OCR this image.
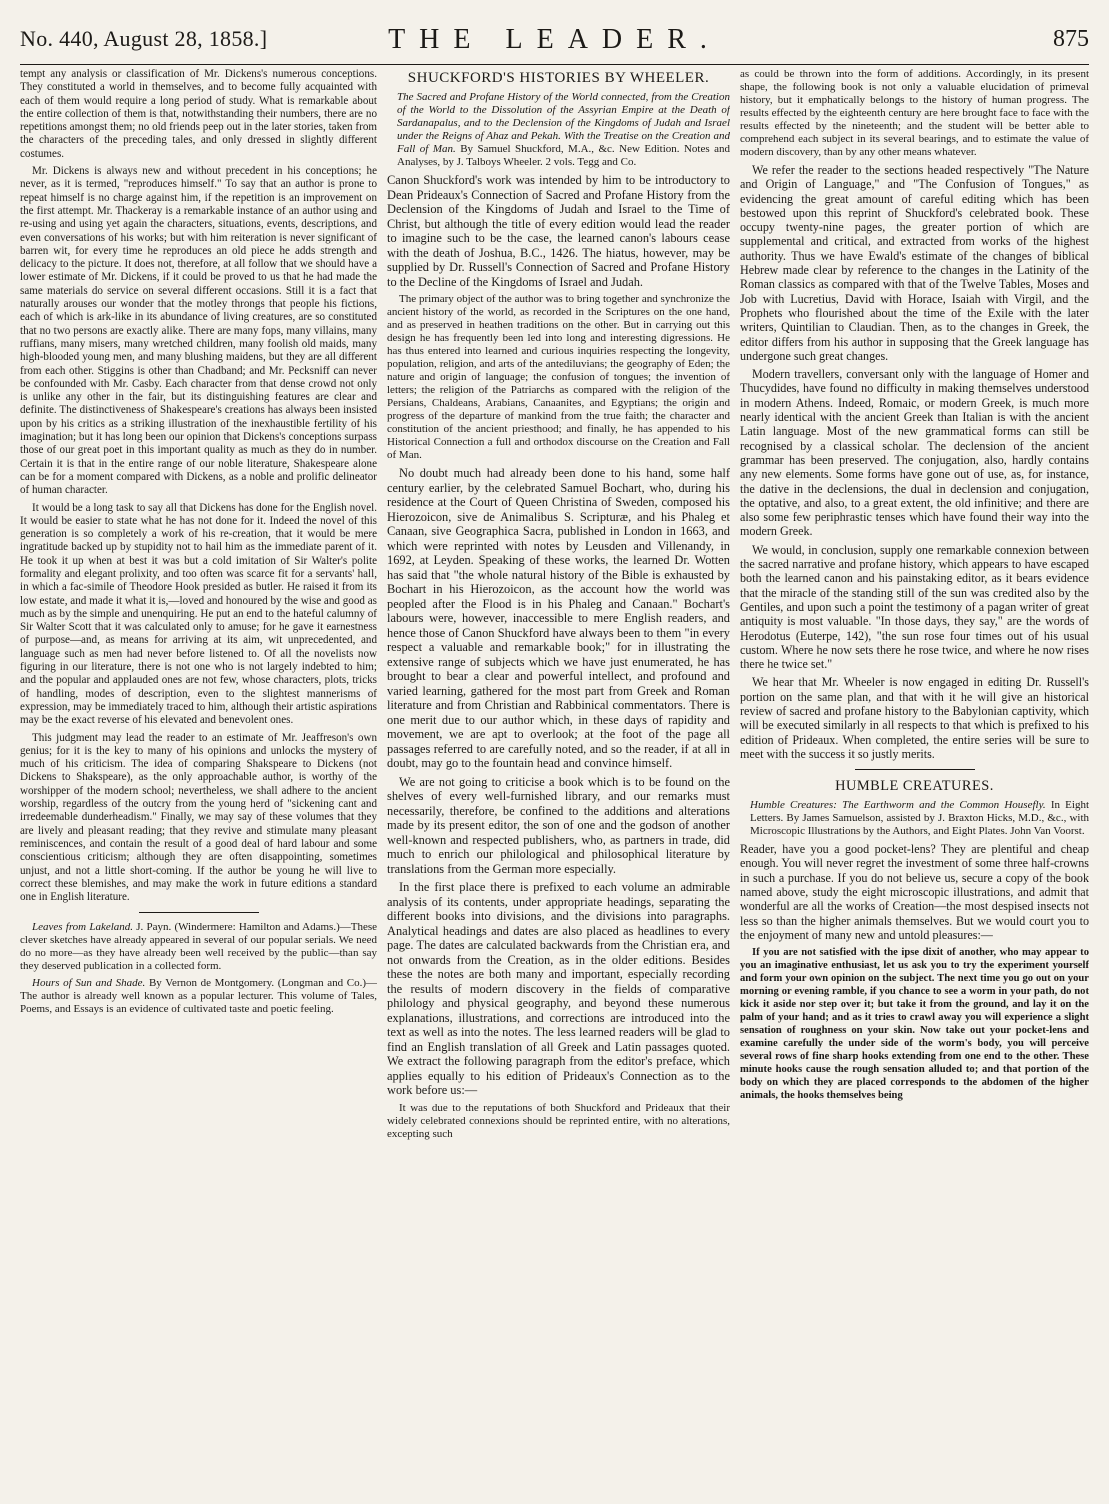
No. 440, August 28, 1858.]	THE LEADER.	875

tempt any analysis or classification of Mr. Dickens's numerous conceptions. They constituted a world in themselves, and to become fully acquainted with each of them would require a long period of study. What is remarkable about the entire collection of them is that, notwithstanding their numbers, there are no repetitions amongst them; no old friends peep out in the later stories, taken from the characters of the preceding tales, and only dressed in slightly different costumes.

Mr. Dickens is always new and without precedent in his conceptions; he never, as it is termed, "reproduces himself." To say that an author is prone to repeat himself is no charge against him, if the repetition is an improvement on the first attempt. Mr. Thackeray is a remarkable instance of an author using and re-using and using yet again the characters, situations, events, descriptions, and even conversations of his works; but with him reiteration is never significant of barren wit, for every time he reproduces an old piece he adds strength and delicacy to the picture. It does not, therefore, at all follow that we should have a lower estimate of Mr. Dickens, if it could be proved to us that he had made the same materials do service on several different occasions. Still it is a fact that naturally arouses our wonder that the motley throngs that people his fictions, each of which is ark-like in its abundance of living creatures, are so constituted that no two persons are exactly alike. There are many fops, many villains, many ruffians, many misers, many wretched children, many foolish old maids, many high-blooded young men, and many blushing maidens, but they are all different from each other. Stiggins is other than Chadband; and Mr. Pecksniff can never be confounded with Mr. Casby. Each character from that dense crowd not only is unlike any other in the fair, but its distinguishing features are clear and definite. The distinctiveness of Shakespeare's creations has always been insisted upon by his critics as a striking illustration of the inexhaustible fertility of his imagination; but it has long been our opinion that Dickens's conceptions surpass those of our great poet in this important quality as much as they do in number. Certain it is that in the entire range of our noble literature, Shakespeare alone can be for a moment compared with Dickens, as a noble and prolific delineator of human character.

It would be a long task to say all that Dickens has done for the English novel. It would be easier to state what he has not done for it. Indeed the novel of this generation is so completely a work of his re-creation, that it would be mere ingratitude backed up by stupidity not to hail him as the immediate parent of it. He took it up when at best it was but a cold imitation of Sir Walter's polite formality and elegant prolixity, and too often was scarce fit for a servants' hall, in which a fac-simile of Theodore Hook presided as butler. He raised it from its low estate, and made it what it is,—loved and honoured by the wise and good as much as by the simple and unenquiring. He put an end to the hateful calumny of Sir Walter Scott that it was calculated only to amuse; for he gave it earnestness of purpose—and, as means for arriving at its aim, wit unprecedented, and language such as men had never before listened to. Of all the novelists now figuring in our literature, there is not one who is not largely indebted to him; and the popular and applauded ones are not few, whose characters, plots, tricks of handling, modes of description, even to the slightest mannerisms of expression, may be immediately traced to him, although their artistic aspirations may be the exact reverse of his elevated and benevolent ones.

This judgment may lead the reader to an estimate of Mr. Jeaffreson's own genius; for it is the key to many of his opinions and unlocks the mystery of much of his criticism. The idea of comparing Shakspeare to Dickens (not Dickens to Shakspeare), as the only approachable author, is worthy of the worshipper of the modern school; nevertheless, we shall adhere to the ancient worship, regardless of the outcry from the young herd of "sickening cant and irredeemable dunderheadism." Finally, we may say of these volumes that they are lively and pleasant reading; that they revive and stimulate many pleasant reminiscences, and contain the result of a good deal of hard labour and some conscientious criticism; although they are often disappointing, sometimes unjust, and not a little short-coming. If the author be young he will live to correct these blemishes, and may make the work in future editions a standard one in English literature.

Leaves from Lakeland. J. Payn. (Windermere: Hamilton and Adams.)—These clever sketches have already appeared in several of our popular serials. We need do no more—as they have already been well received by the public—than say they deserved publication in a collected form.

Hours of Sun and Shade. By Vernon de Montgomery. (Longman and Co.)—The author is already well known as a popular lecturer. This volume of Tales, Poems, and Essays is an evidence of cultivated taste and poetic feeling.

SHUCKFORD'S HISTORIES BY WHEELER.

The Sacred and Profane History of the World connected, from the Creation of the World to the Dissolution of the Assyrian Empire at the Death of Sardanapalus, and to the Declension of the Kingdoms of Judah and Israel under the Reigns of Ahaz and Pekah. With the Treatise on the Creation and Fall of Man. By Samuel Shuckford, M.A., &c. New Edition. Notes and Analyses, by J. Talboys Wheeler. 2 vols. Tegg and Co.

Canon Shuckford's work was intended by him to be introductory to Dean Prideaux's Connection of Sacred and Profane History from the Declension of the Kingdoms of Judah and Israel to the Time of Christ, but although the title of every edition would lead the reader to imagine such to be the case, the learned canon's labours cease with the death of Joshua, B.C., 1426. The hiatus, however, may be supplied by Dr. Russell's Connection of Sacred and Profane History to the Decline of the Kingdoms of Israel and Judah.

The primary object of the author was to bring together and synchronize the ancient history of the world, as recorded in the Scriptures on the one hand, and as preserved in heathen traditions on the other. But in carrying out this design he has frequently been led into long and interesting digressions. He has thus entered into learned and curious inquiries respecting the longevity, population, religion, and arts of the antediluvians; the geography of Eden; the nature and origin of language; the confusion of tongues; the invention of letters; the religion of the Patriarchs as compared with the religion of the Persians, Chaldeans, Arabians, Canaanites, and Egyptians; the origin and progress of the departure of mankind from the true faith; the character and constitution of the ancient priesthood; and finally, he has appended to his Historical Connection a full and orthodox discourse on the Creation and Fall of Man.

No doubt much had already been done to his hand, some half century earlier, by the celebrated Samuel Bochart, who, during his residence at the Court of Queen Christina of Sweden, composed his Hierozoicon, sive de Animalibus S. Scripturæ, and his Phaleg et Canaan, sive Geographica Sacra, published in London in 1663, and which were reprinted with notes by Leusden and Villenandy, in 1692, at Leyden. Speaking of these works, the learned Dr. Wotten has said that "the whole natural history of the Bible is exhausted by Bochart in his Hierozoicon, as the account how the world was peopled after the Flood is in his Phaleg and Canaan." Bochart's labours were, however, inaccessible to mere English readers, and hence those of Canon Shuckford have always been to them "in every respect a valuable and remarkable book;" for in illustrating the extensive range of subjects which we have just enumerated, he has brought to bear a clear and powerful intellect, and profound and varied learning, gathered for the most part from Greek and Roman literature and from Christian and Rabbinical commentators. There is one merit due to our author which, in these days of rapidity and movement, we are apt to overlook; at the foot of the page all passages referred to are carefully noted, and so the reader, if at all in doubt, may go to the fountain head and convince himself.

We are not going to criticise a book which is to be found on the shelves of every well-furnished library, and our remarks must necessarily, therefore, be confined to the additions and alterations made by its present editor, the son of one and the godson of another well-known and respected publishers, who, as partners in trade, did much to enrich our philological and philosophical literature by translations from the German more especially.

In the first place there is prefixed to each volume an admirable analysis of its contents, under appropriate headings, separating the different books into divisions, and the divisions into paragraphs. Analytical headings and dates are also placed as headlines to every page. The dates are calculated backwards from the Christian era, and not onwards from the Creation, as in the older editions. Besides these the notes are both many and important, especially recording the results of modern discovery in the fields of comparative philology and physical geography, and beyond these numerous explanations, illustrations, and corrections are introduced into the text as well as into the notes. The less learned readers will be glad to find an English translation of all Greek and Latin passages quoted. We extract the following paragraph from the editor's preface, which applies equally to his edition of Prideaux's Connection as to the work before us:—

It was due to the reputations of both Shuckford and Prideaux that their widely celebrated connexions should be reprinted entire, with no alterations, excepting such

as could be thrown into the form of additions. Accordingly, in its present shape, the following book is not only a valuable elucidation of primeval history, but it emphatically belongs to the history of human progress. The results effected by the eighteenth century are here brought face to face with the results effected by the nineteenth; and the student will be better able to comprehend each subject in its several bearings, and to estimate the value of modern discovery, than by any other means whatever.

We refer the reader to the sections headed respectively "The Nature and Origin of Language," and "The Confusion of Tongues," as evidencing the great amount of careful editing which has been bestowed upon this reprint of Shuckford's celebrated book. These occupy twenty-nine pages, the greater portion of which are supplemental and critical, and extracted from works of the highest authority. Thus we have Ewald's estimate of the changes of biblical Hebrew made clear by reference to the changes in the Latinity of the Roman classics as compared with that of the Twelve Tables, Moses and Job with Lucretius, David with Horace, Isaiah with Virgil, and the Prophets who flourished about the time of the Exile with the later writers, Quintilian to Claudian. Then, as to the changes in Greek, the editor differs from his author in supposing that the Greek language has undergone such great changes.

Modern travellers, conversant only with the language of Homer and Thucydides, have found no difficulty in making themselves understood in modern Athens. Indeed, Romaic, or modern Greek, is much more nearly identical with the ancient Greek than Italian is with the ancient Latin language. Most of the new grammatical forms can still be recognised by a classical scholar. The declension of the ancient grammar has been preserved. The conjugation, also, hardly contains any new elements. Some forms have gone out of use, as, for instance, the dative in the declensions, the dual in declension and conjugation, the optative, and also, to a great extent, the old infinitive; and there are also some few periphrastic tenses which have found their way into the modern Greek.

We would, in conclusion, supply one remarkable connexion between the sacred narrative and profane history, which appears to have escaped both the learned canon and his painstaking editor, as it bears evidence that the miracle of the standing still of the sun was credited also by the Gentiles, and upon such a point the testimony of a pagan writer of great antiquity is most valuable. "In those days, they say," are the words of Herodotus (Euterpe, 142), "the sun rose four times out of his usual custom. Where he now sets there he rose twice, and where he now rises there he twice set."

We hear that Mr. Wheeler is now engaged in editing Dr. Russell's portion on the same plan, and that with it he will give an historical review of sacred and profane history to the Babylonian captivity, which will be executed similarly in all respects to that which is prefixed to his edition of Prideaux. When completed, the entire series will be sure to meet with the success it so justly merits.

HUMBLE CREATURES.

Humble Creatures: The Earthworm and the Common Housefly. In Eight Letters. By James Samuelson, assisted by J. Braxton Hicks, M.D., &c., with Microscopic Illustrations by the Authors, and Eight Plates. John Van Voorst.

Reader, have you a good pocket-lens? They are plentiful and cheap enough. You will never regret the investment of some three half-crowns in such a purchase. If you do not believe us, secure a copy of the book named above, study the eight microscopic illustrations, and admit that wonderful are all the works of Creation—the most despised insects not less so than the higher animals themselves. But we would court you to the enjoyment of many new and untold pleasures:—

If you are not satisfied with the ipse dixit of another, who may appear to you an imaginative enthusiast, let us ask you to try the experiment yourself and form your own opinion on the subject. The next time you go out on your morning or evening ramble, if you chance to see a worm in your path, do not kick it aside nor step over it; but take it from the ground, and lay it on the palm of your hand; and as it tries to crawl away you will experience a slight sensation of roughness on your skin. Now take out your pocket-lens and examine carefully the under side of the worm's body, you will perceive several rows of fine sharp hooks extending from one end to the other. These minute hooks cause the rough sensation alluded to; and that portion of the body on which they are placed corresponds to the abdomen of the higher animals, the hooks themselves being
